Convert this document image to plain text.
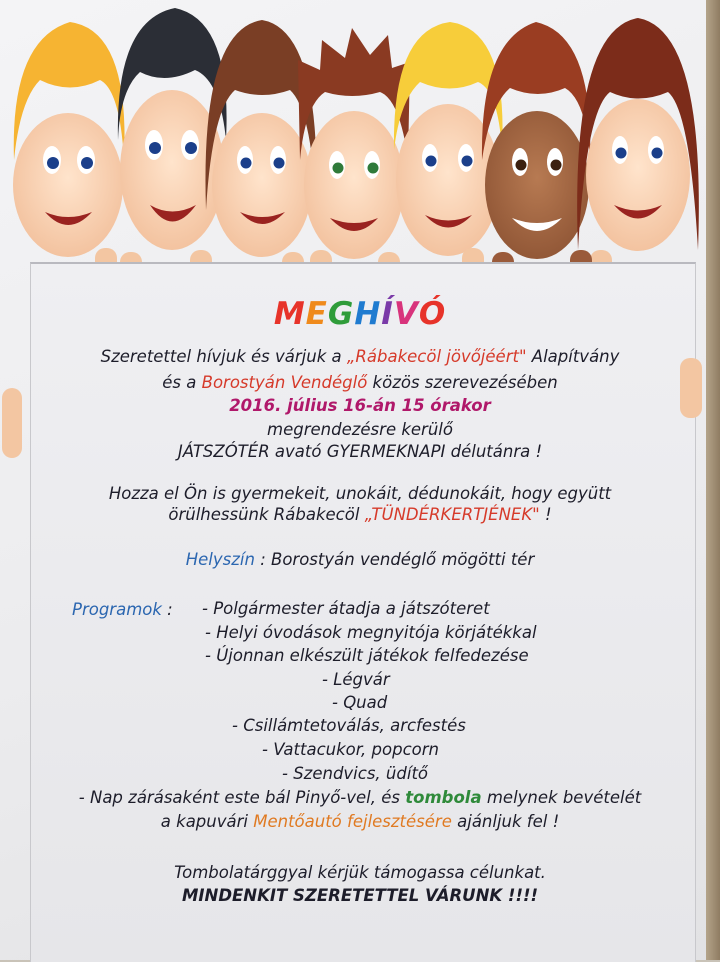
MEGHÍVÓ
Szeretettel hívjuk és várjuk a „Rábakecöl jövőjéért" Alapítvány
és a Borostyán Vendéglő közös szerevezésében
2016. július 16-án 15 órakor
megrendezésre kerülő
JÁTSZÓTÉR avató GYERMEKNAPI délutánra !
Hozza el Ön is gyermekeit, unokáit, dédunokáit, hogy együtt
örülhessünk Rábakecöl „TÜNDÉRKERTJÉNEK" !
Helyszín : Borostyán vendéglő mögötti tér
Programok : - Polgármester átadja a játszóteret
- Helyi óvodások megnyitója körjátékkal
- Újonnan elkészült játékok felfedezése
- Légvár
- Quad
- Csillámtetoválás, arcfestés
- Vattacukor, popcorn
- Szendvics, üdítő
- Nap zárásaként este bál Pinyő-vel, és tombola melynek bevételét
a kapuvári Mentőautó fejlesztésére ajánljuk fel !
Tombolatárggyal kérjük támogassa célunkat.
MINDENKIT SZERETETTEL VÁRUNK !!!!
